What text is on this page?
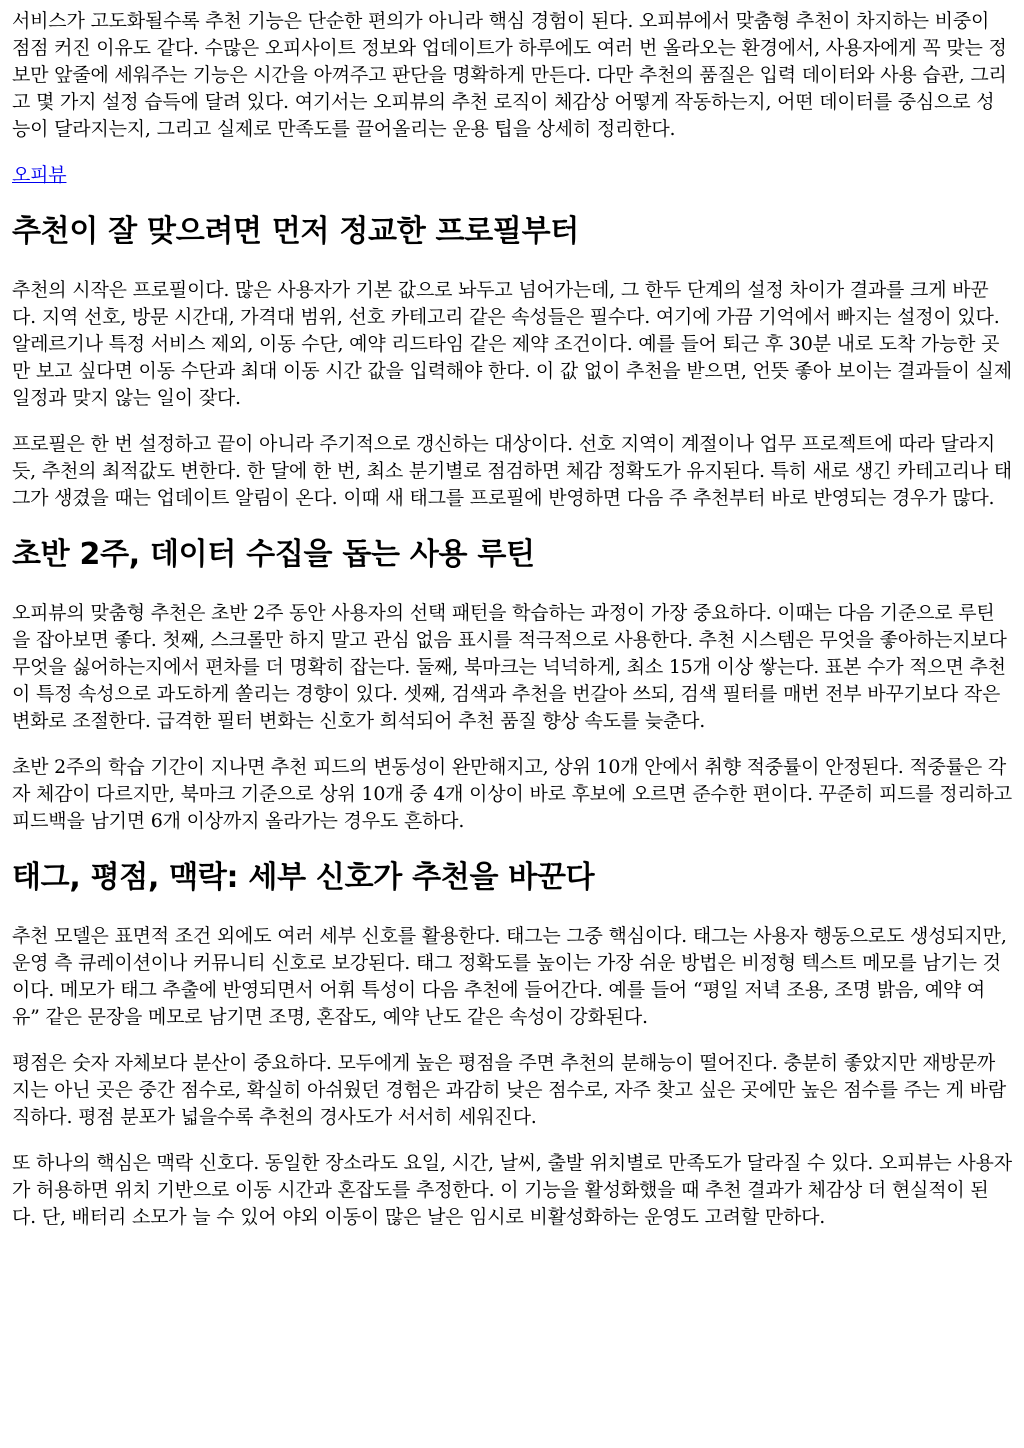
서비스가 고도화될수록 추천 기능은 단순한 편의가 아니라 핵심 경험이 된다. 오피뷰에서 맞춤형 추천이 차지하는 비중이 점점 커진 이유도 같다. 수많은 오피사이트 정보와 업데이트가 하루에도 여러 번 올라오는 환경에서, 사용자에게 꼭 맞는 정보만 앞줄에 세워주는 기능은 시간을 아껴주고 판단을 명확하게 만든다. 다만 추천의 품질은 입력 데이터와 사용 습관, 그리고 몇 가지 설정 습득에 달려 있다. 여기서는 오피뷰의 추천 로직이 체감상 어떻게 작동하는지, 어떤 데이터를 중심으로 성능이 달라지는지, 그리고 실제로 만족도를 끌어올리는 운용 팁을 상세히 정리한다.

오피뷰

추천이 잘 맞으려면 먼저 정교한 프로필부터

추천의 시작은 프로필이다. 많은 사용자가 기본 값으로 놔두고 넘어가는데, 그 한두 단계의 설정 차이가 결과를 크게 바꾼다. 지역 선호, 방문 시간대, 가격대 범위, 선호 카테고리 같은 속성들은 필수다. 여기에 가끔 기억에서 빠지는 설정이 있다. 알레르기나 특정 서비스 제외, 이동 수단, 예약 리드타임 같은 제약 조건이다. 예를 들어 퇴근 후 30분 내로 도착 가능한 곳만 보고 싶다면 이동 수단과 최대 이동 시간 값을 입력해야 한다. 이 값 없이 추천을 받으면, 언뜻 좋아 보이는 결과들이 실제 일정과 맞지 않는 일이 잦다.

프로필은 한 번 설정하고 끝이 아니라 주기적으로 갱신하는 대상이다. 선호 지역이 계절이나 업무 프로젝트에 따라 달라지듯, 추천의 최적값도 변한다. 한 달에 한 번, 최소 분기별로 점검하면 체감 정확도가 유지된다. 특히 새로 생긴 카테고리나 태그가 생겼을 때는 업데이트 알림이 온다. 이때 새 태그를 프로필에 반영하면 다음 주 추천부터 바로 반영되는 경우가 많다.

초반 2주, 데이터 수집을 돕는 사용 루틴

오피뷰의 맞춤형 추천은 초반 2주 동안 사용자의 선택 패턴을 학습하는 과정이 가장 중요하다. 이때는 다음 기준으로 루틴을 잡아보면 좋다. 첫째, 스크롤만 하지 말고 관심 없음 표시를 적극적으로 사용한다. 추천 시스템은 무엇을 좋아하는지보다 무엇을 싫어하는지에서 편차를 더 명확히 잡는다. 둘째, 북마크는 넉넉하게, 최소 15개 이상 쌓는다. 표본 수가 적으면 추천이 특정 속성으로 과도하게 쏠리는 경향이 있다. 셋째, 검색과 추천을 번갈아 쓰되, 검색 필터를 매번 전부 바꾸기보다 작은 변화로 조절한다. 급격한 필터 변화는 신호가 희석되어 추천 품질 향상 속도를 늦춘다.

초반 2주의 학습 기간이 지나면 추천 피드의 변동성이 완만해지고, 상위 10개 안에서 취향 적중률이 안정된다. 적중률은 각자 체감이 다르지만, 북마크 기준으로 상위 10개 중 4개 이상이 바로 후보에 오르면 준수한 편이다. 꾸준히 피드를 정리하고 피드백을 남기면 6개 이상까지 올라가는 경우도 흔하다.

태그, 평점, 맥락: 세부 신호가 추천을 바꾼다

추천 모델은 표면적 조건 외에도 여러 세부 신호를 활용한다. 태그는 그중 핵심이다. 태그는 사용자 행동으로도 생성되지만, 운영 측 큐레이션이나 커뮤니티 신호로 보강된다. 태그 정확도를 높이는 가장 쉬운 방법은 비정형 텍스트 메모를 남기는 것이다. 메모가 태그 추출에 반영되면서 어휘 특성이 다음 추천에 들어간다. 예를 들어 “평일 저녁 조용, 조명 밝음, 예약 여유” 같은 문장을 메모로 남기면 조명, 혼잡도, 예약 난도 같은 속성이 강화된다.

평점은 숫자 자체보다 분산이 중요하다. 모두에게 높은 평점을 주면 추천의 분해능이 떨어진다. 충분히 좋았지만 재방문까지는 아닌 곳은 중간 점수로, 확실히 아쉬웠던 경험은 과감히 낮은 점수로, 자주 찾고 싶은 곳에만 높은 점수를 주는 게 바람직하다. 평점 분포가 넓을수록 추천의 경사도가 서서히 세워진다.

또 하나의 핵심은 맥락 신호다. 동일한 장소라도 요일, 시간, 날씨, 출발 위치별로 만족도가 달라질 수 있다. 오피뷰는 사용자가 허용하면 위치 기반으로 이동 시간과 혼잡도를 추정한다. 이 기능을 활성화했을 때 추천 결과가 체감상 더 현실적이 된다. 단, 배터리 소모가 늘 수 있어 야외 이동이 많은 날은 임시로 비활성화하는 운영도 고려할 만하다.
